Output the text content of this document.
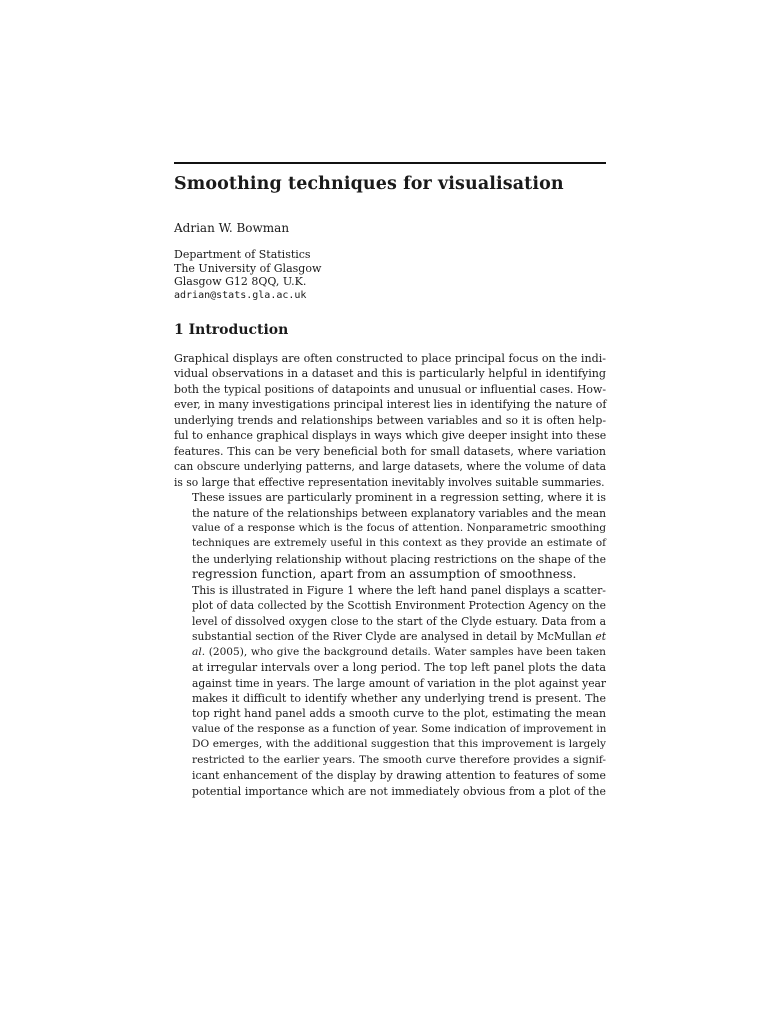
Smoothing techniques for visualisation
Adrian W. Bowman
Department of Statistics
The University of Glasgow
Glasgow G12 8QQ, U.K.
adrian@stats.gla.ac.uk
1 Introduction

Graphical displays are often constructed to place principal focus on the indi-
vidual observations in a dataset and this is particularly helpful in identifying
both the typical positions of datapoints and unusual or influential cases. How-
ever, in many investigations principal interest lies in identifying the nature of
underlying trends and relationships between variables and so it is often help-
ful to enhance graphical displays in ways which give deeper insight into these
features. This can be very beneficial both for small datasets, where variation
can obscure underlying patterns, and large datasets, where the volume of data
is so large that effective representation inevitably involves suitable summaries.

These issues are particularly prominent in a regression setting, where it is
the nature of the relationships between explanatory variables and the mean
value of a response which is the focus of attention. Nonparametric smoothing
techniques are extremely useful in this context as they provide an estimate of
the underlying relationship without placing restrictions on the shape of the
regression function, apart from an assumption of smoothness.

This is illustrated in Figure 1 where the left hand panel displays a scatter-
plot of data collected by the Scottish Environment Protection Agency on the
level of dissolved oxygen close to the start of the Clyde estuary. Data from a
substantial section of the River Clyde are analysed in detail by McMullan et
al. (2005), who give the background details. Water samples have been taken
at irregular intervals over a long period. The top left panel plots the data
against time in years. The large amount of variation in the plot against year
makes it difficult to identify whether any underlying trend is present. The
top right hand panel adds a smooth curve to the plot, estimating the mean
value of the response as a function of year. Some indication of improvement in
DO emerges, with the additional suggestion that this improvement is largely
restricted to the earlier years. The smooth curve therefore provides a signif-
icant enhancement of the display by drawing attention to features of some
potential importance which are not immediately obvious from a plot of the
